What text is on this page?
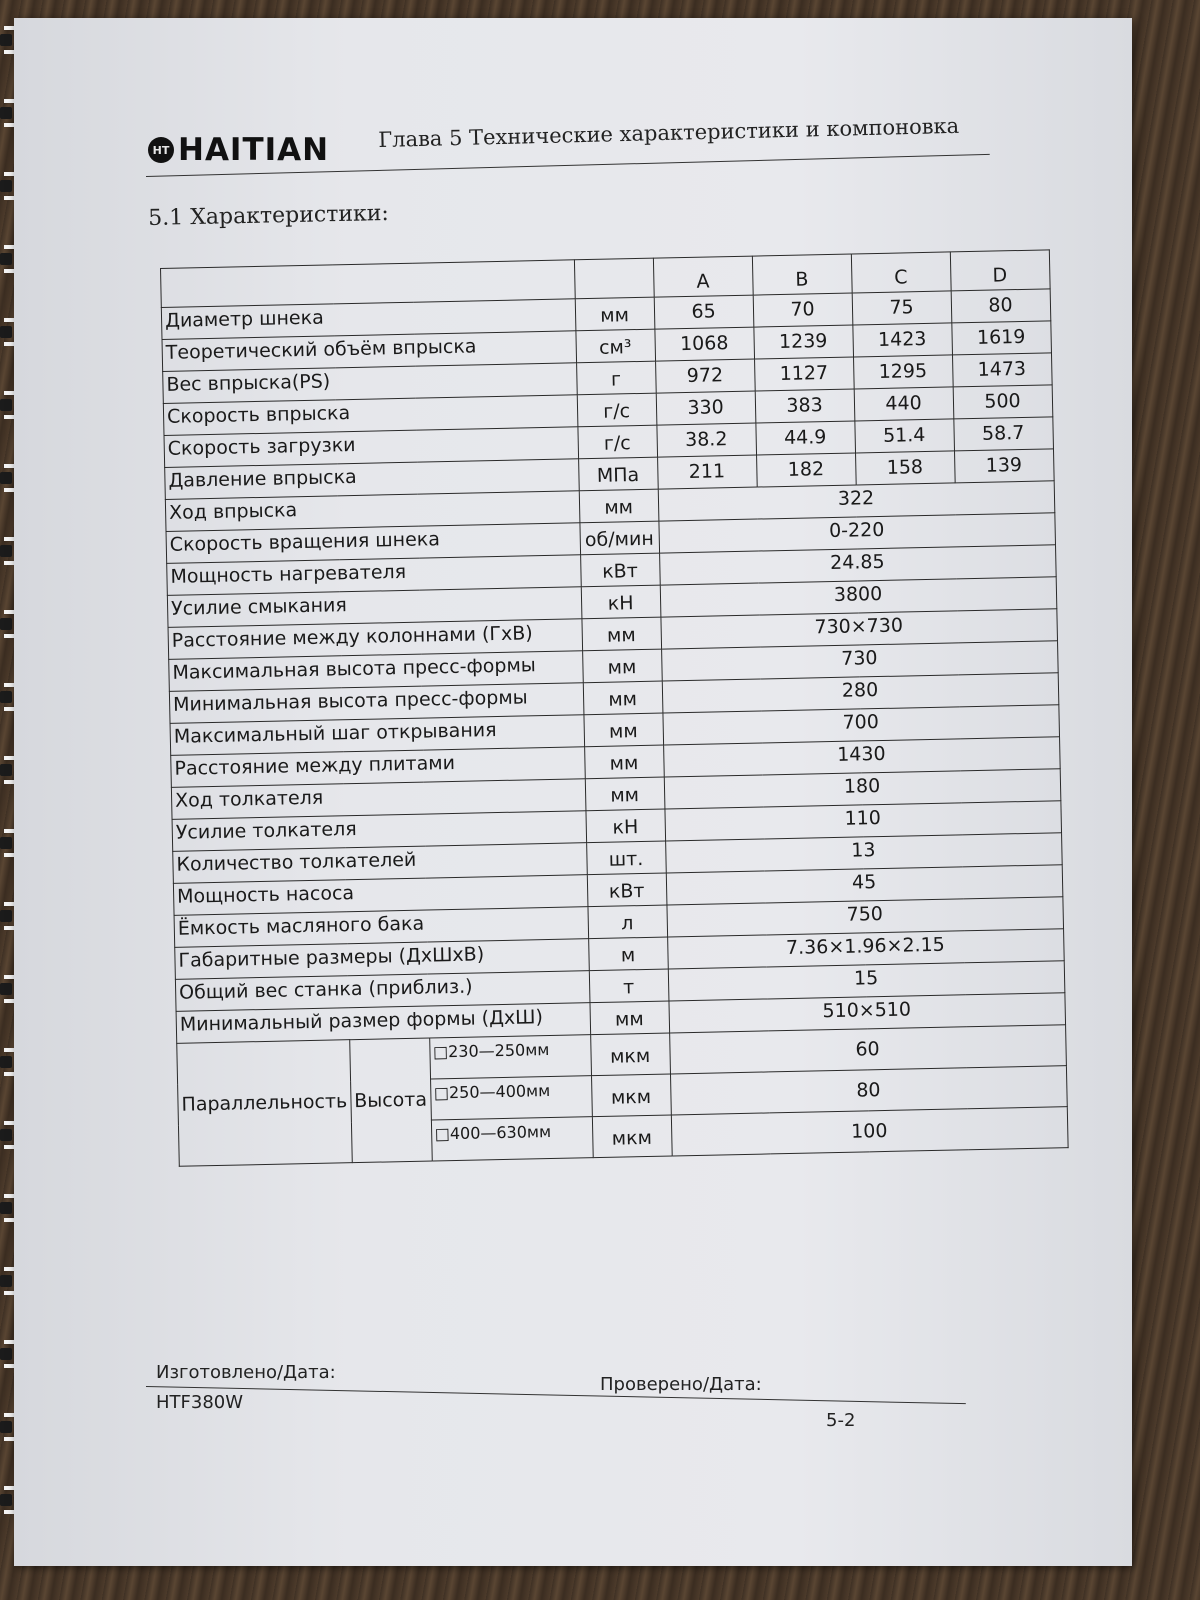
HT HAITIAN Глава 5 Технические характеристики и компоновка
5.1 Характеристики:
				A	B	C	D
Диаметр шнека			мм	65	70	75	80
Теоретический объём впрыска			см³	1068	1239	1423	1619
Вес впрыска(PS)			г	972	1127	1295	1473
Скорость впрыска			г/с	330	383	440	500
Скорость загрузки			г/с	38.2	44.9	51.4	58.7
Давление впрыска			МПа	211	182	158	139
Ход впрыска			мм	322			
Скорость вращения шнека			об/мин	0-220			
Мощность нагревателя			кВт	24.85			
Усилие смыкания			кН	3800			
Расстояние между колоннами (ГxВ)			мм	730×730			
Максимальная высота пресс-формы			мм	730			
Минимальная высота пресс-формы			мм	280			
Максимальный шаг открывания			мм	700			
Расстояние между плитами			мм	1430			
Ход толкателя			мм	180			
Усилие толкателя			кН	110			
Количество толкателей			шт.	13			
Мощность насоса			кВт	45			
Ёмкость масляного бака			л	750			
Габаритные размеры (ДxШxВ)			м	7.36×1.96×2.15			
Общий вес станка (приблиз.)			т	15			
Минимальный размер формы (ДxШ)			мм	510×510			
Параллельность	Высота	□230—250мм	мкм	60			
		□250—400мм	мкм	80			
		□400—630мм	мкм	100			
Изготовлено/Дата:
HTF380W
Проверено/Дата:
5-2
